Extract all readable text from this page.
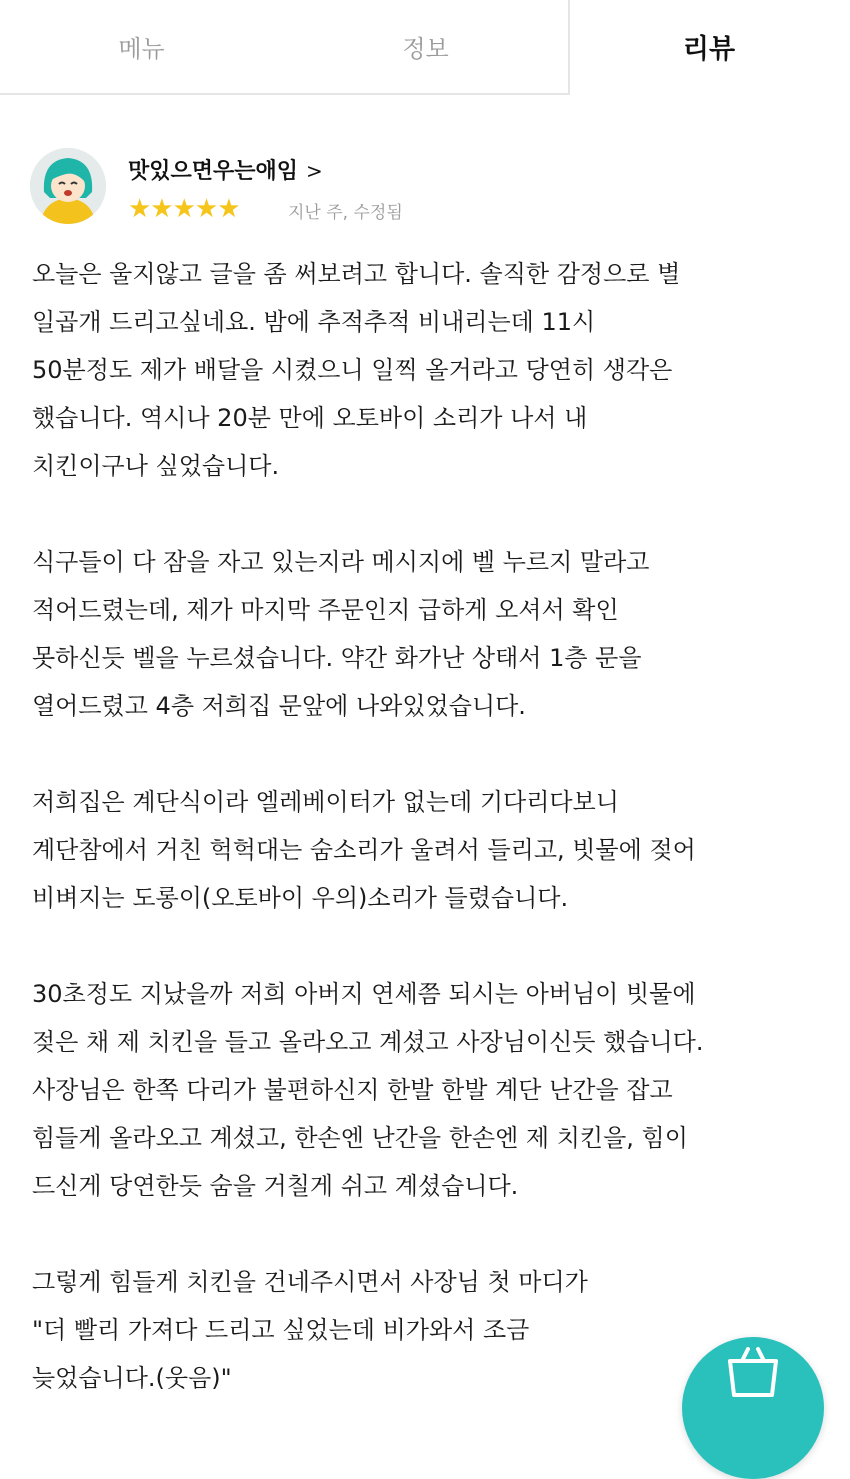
메뉴	정보	리뷰
맛있으면우는애임 >
★★★★★	지난 주, 수정됨
오늘은 울지않고 글을 좀 써보려고 합니다. 솔직한 감정으로 별
일곱개 드리고싶네요. 밤에 추적추적 비내리는데 11시
50분정도 제가 배달을 시켰으니 일찍 올거라고 당연히 생각은
했습니다. 역시나 20분 만에 오토바이 소리가 나서 내
치킨이구나 싶었습니다.
식구들이 다 잠을 자고 있는지라 메시지에 벨 누르지 말라고
적어드렸는데, 제가 마지막 주문인지 급하게 오셔서 확인
못하신듯 벨을 누르셨습니다. 약간 화가난 상태서 1층 문을
열어드렸고 4층 저희집 문앞에 나와있었습니다.
저희집은 계단식이라 엘레베이터가 없는데 기다리다보니
계단참에서 거친 헉헉대는 숨소리가 울려서 들리고, 빗물에 젖어
비벼지는 도롱이(오토바이 우의)소리가 들렸습니다.
30초정도 지났을까 저희 아버지 연세쯤 되시는 아버님이 빗물에
젖은 채 제 치킨을 들고 올라오고 계셨고 사장님이신듯 했습니다.
사장님은 한쪽 다리가 불편하신지 한발 한발 계단 난간을 잡고
힘들게 올라오고 계셨고, 한손엔 난간을 한손엔 제 치킨을, 힘이
드신게 당연한듯 숨을 거칠게 쉬고 계셨습니다.
그렇게 힘들게 치킨을 건네주시면서 사장님 첫 마디가
"더 빨리 가져다 드리고 싶었는데 비가와서 조금
늦었습니다.(웃음)"
